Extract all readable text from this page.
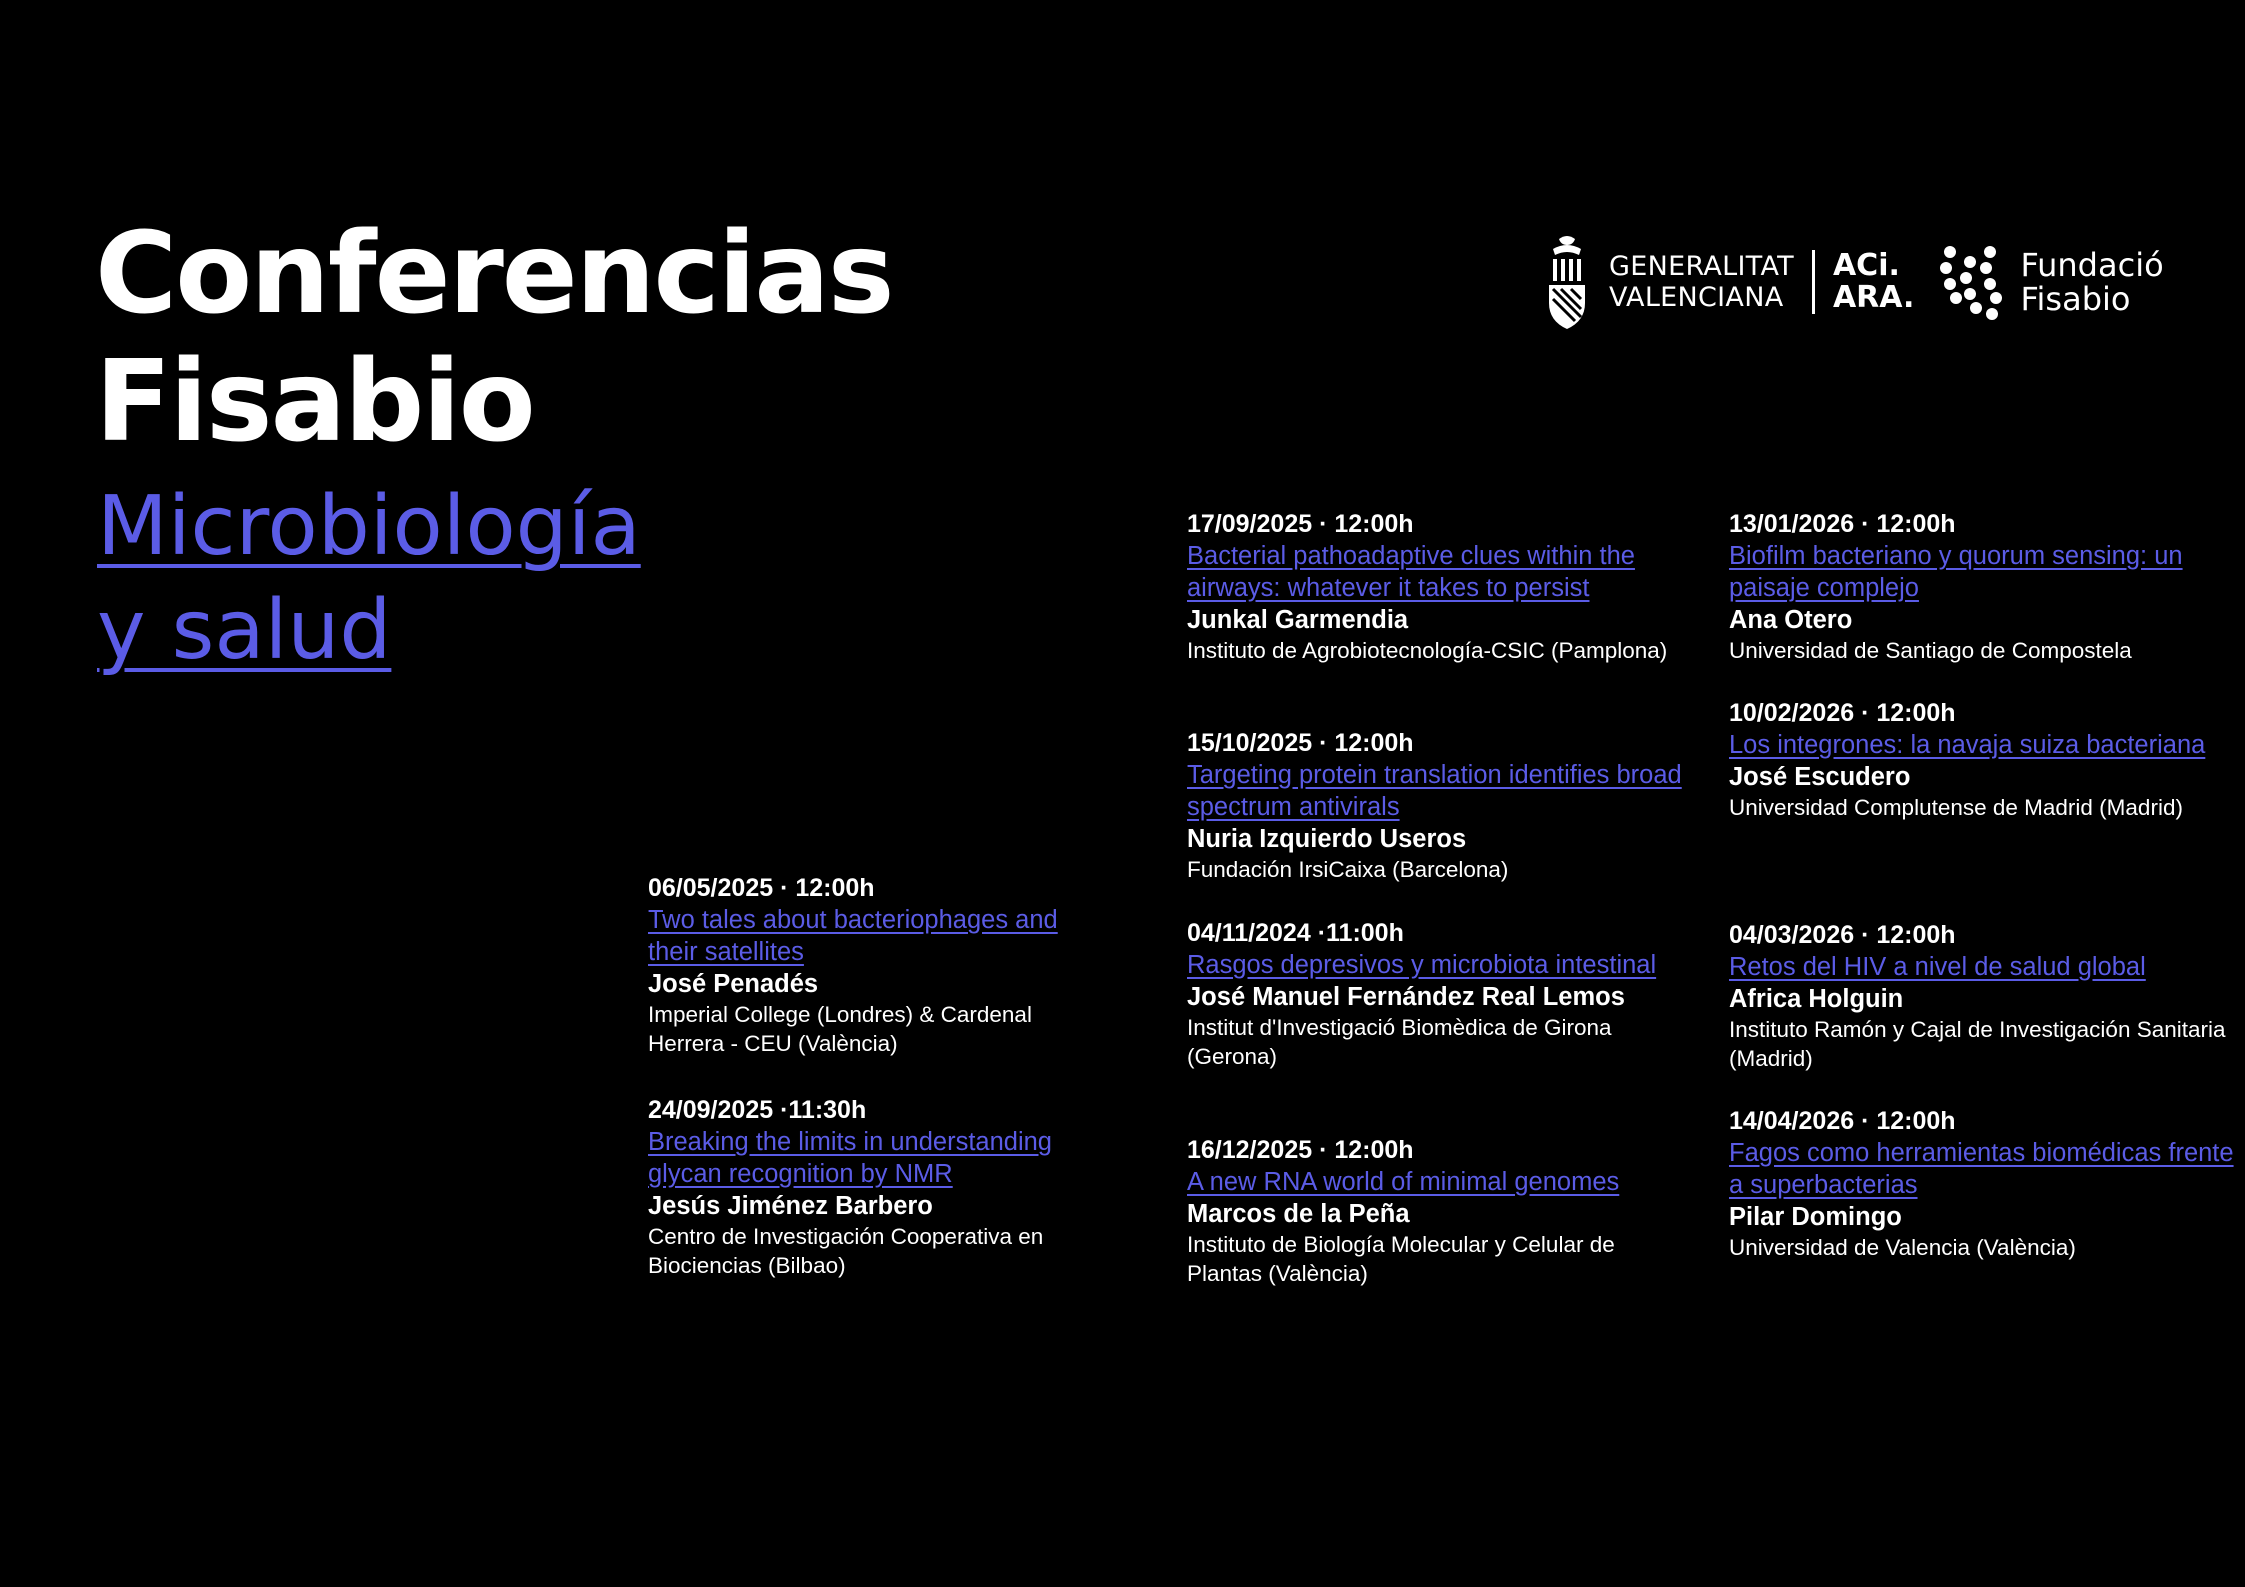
Conferencias
Fisabio
Microbiología
y salud
GENERALITAT
VALENCIANA
ACi.
ARA.
Fundació
Fisabio
06/05/2025 · 12:00h
Two tales about bacteriophages and their satellites
José Penadés
Imperial College (Londres) & Cardenal Herrera - CEU (València)
24/09/2025 ·11:30h
Breaking the limits in understanding glycan recognition by NMR
Jesús Jiménez Barbero
Centro de Investigación Cooperativa en Biociencias (Bilbao)
17/09/2025 · 12:00h
Bacterial pathoadaptive clues within the airways: whatever it takes to persist
Junkal Garmendia
Instituto de Agrobiotecnología-CSIC (Pamplona)
15/10/2025 · 12:00h
Targeting protein translation identifies broad spectrum antivirals
Nuria Izquierdo Useros
Fundación IrsiCaixa (Barcelona)
04/11/2024 ·11:00h
Rasgos depresivos y microbiota intestinal
José Manuel Fernández Real Lemos
Institut d'Investigació Biomèdica de Girona (Gerona)
16/12/2025 · 12:00h
A new RNA world of minimal genomes
Marcos de la Peña
Instituto de Biología Molecular y Celular de Plantas (València)
13/01/2026 · 12:00h
Biofilm bacteriano y quorum sensing: un paisaje complejo
Ana Otero
Universidad de Santiago de Compostela
10/02/2026 · 12:00h
Los integrones: la navaja suiza bacteriana
José Escudero
Universidad Complutense de Madrid (Madrid)
04/03/2026 · 12:00h
Retos del HIV a nivel de salud global
Africa Holguin
Instituto Ramón y Cajal de Investigación Sanitaria (Madrid)
14/04/2026 · 12:00h
Fagos como herramientas biomédicas frente a superbacterias
Pilar Domingo
Universidad de Valencia (València)
